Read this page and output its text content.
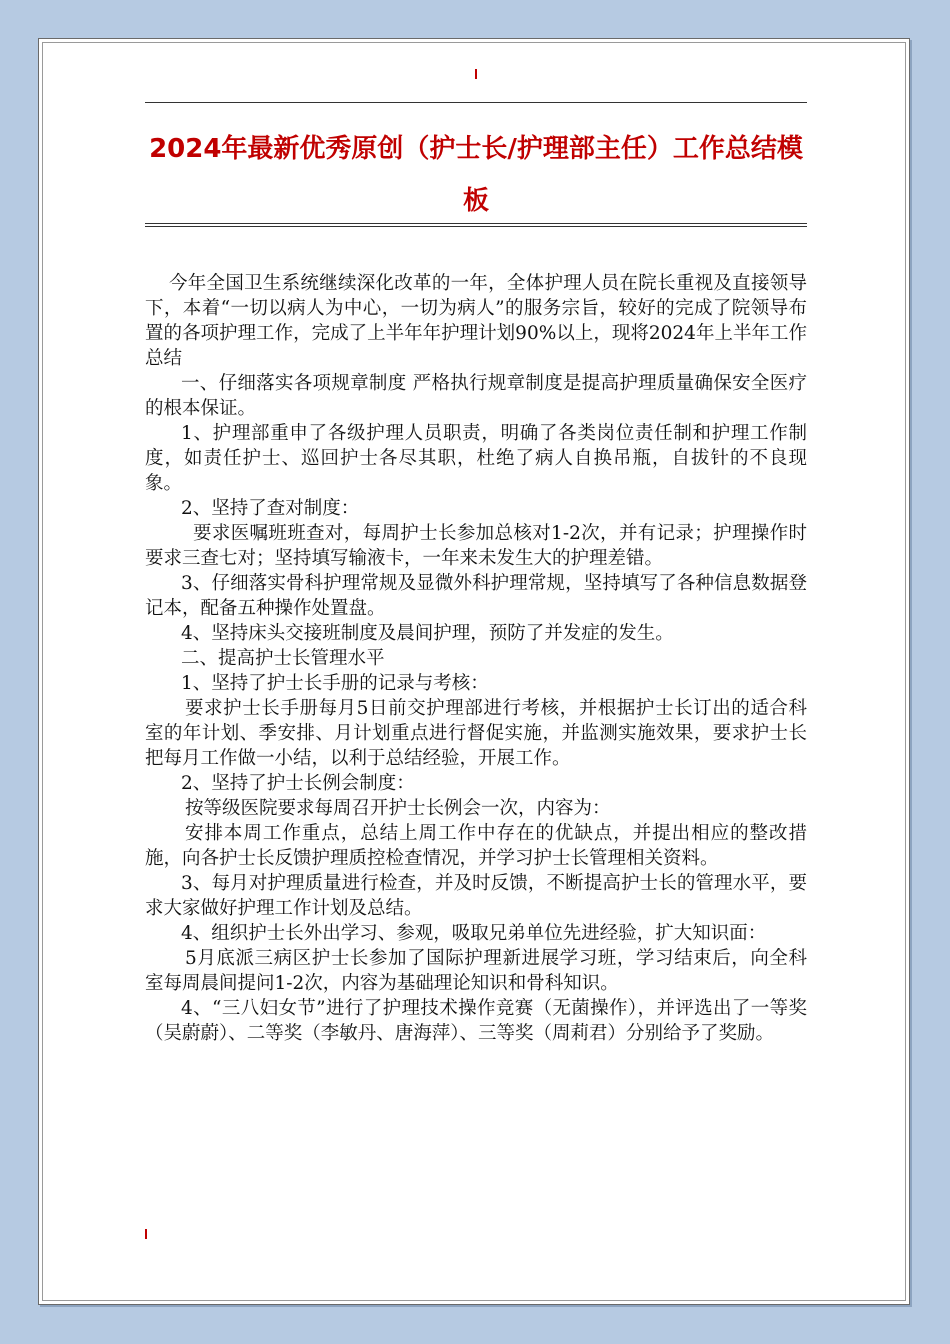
2024年最新优秀原创（护士长/护理部主任）工作总结模板

今年全国卫生系统继续深化改革的一年，全体护理人员在院长重视及直接领导下，本着“一切以病人为中心，一切为病人”的服务宗旨，较好的完成了院领导布置的各项护理工作，完成了上半年年护理计划90%以上，现将2024年上半年工作总结

一、仔细落实各项规章制度 严格执行规章制度是提高护理质量确保安全医疗的根本保证。

1、护理部重申了各级护理人员职责，明确了各类岗位责任制和护理工作制度，如责任护士、巡回护士各尽其职，杜绝了病人自换吊瓶，自拔针的不良现象。

2、坚持了查对制度：

要求医嘱班班查对，每周护士长参加总核对1-2次，并有记录；护理操作时要求三查七对；坚持填写输液卡，一年来未发生大的护理差错。

3、仔细落实骨科护理常规及显微外科护理常规，坚持填写了各种信息数据登记本，配备五种操作处置盘。

4、坚持床头交接班制度及晨间护理，预防了并发症的发生。

二、提高护士长管理水平

1、坚持了护士长手册的记录与考核：

要求护士长手册每月5日前交护理部进行考核，并根据护士长订出的适合科室的年计划、季安排、月计划重点进行督促实施，并监测实施效果，要求护士长把每月工作做一小结，以利于总结经验，开展工作。

2、坚持了护士长例会制度：

按等级医院要求每周召开护士长例会一次，内容为：

安排本周工作重点，总结上周工作中存在的优缺点，并提出相应的整改措施，向各护士长反馈护理质控检查情况，并学习护士长管理相关资料。

3、每月对护理质量进行检查，并及时反馈，不断提高护士长的管理水平，要求大家做好护理工作计划及总结。

4、组织护士长外出学习、参观，吸取兄弟单位先进经验，扩大知识面：

5月底派三病区护士长参加了国际护理新进展学习班，学习结束后，向全科室每周晨间提问1-2次，内容为基础理论知识和骨科知识。

4、“三八妇女节”进行了护理技术操作竞赛（无菌操作），并评选出了一等奖（吴蔚蔚）、二等奖（李敏丹、唐海萍）、三等奖（周莉君）分别给予了奖励。
